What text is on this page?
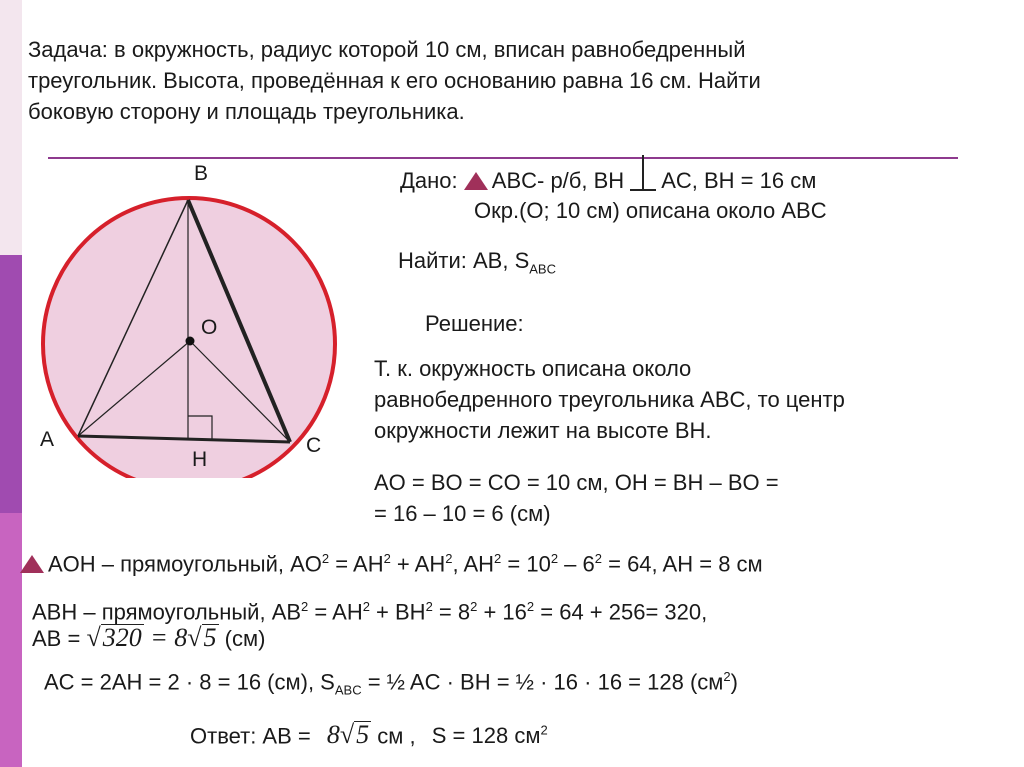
Задача: в окружность, радиус которой 10 см, вписан равнобедренный
треугольник. Высота, проведённая к его основанию равна 16 см. Найти
боковую сторону и площадь треугольника.
B
O
A	C
H
Дано: ABC- р/б, BH AC, BH = 16 см
Окр.(О; 10 см) описана около ABC
Найти: AB, $S_{ABC}$
Решение:
Т. к. окружность описана около
равнобедренного треугольника ABC, то центр
окружности лежит на высоте BH.
AO = BO = CO = 10 см, OH = BH – BO =
= 16 – 10 = 6 (см)
AOH – прямоугольный, $AO^2 = AH^2 + AH^2$, $AH^2 = 10^2 - 6^2 = 64$, AH = 8 см
ABH – прямоугольный, $AB^2 = AH^2 + BH^2 = 8^2 + 16^2 = 64 + 256= 320$,
AB = √320 = 8√5 (см)
AC = 2AH = 2 · 8 = 16 (см), $S_{ABC}$ = ½ AC · BH = ½ · 16 · 16 = 128 $(см^2)$
Ответ: AB = 8√5 см , S = 128 $см^2$
